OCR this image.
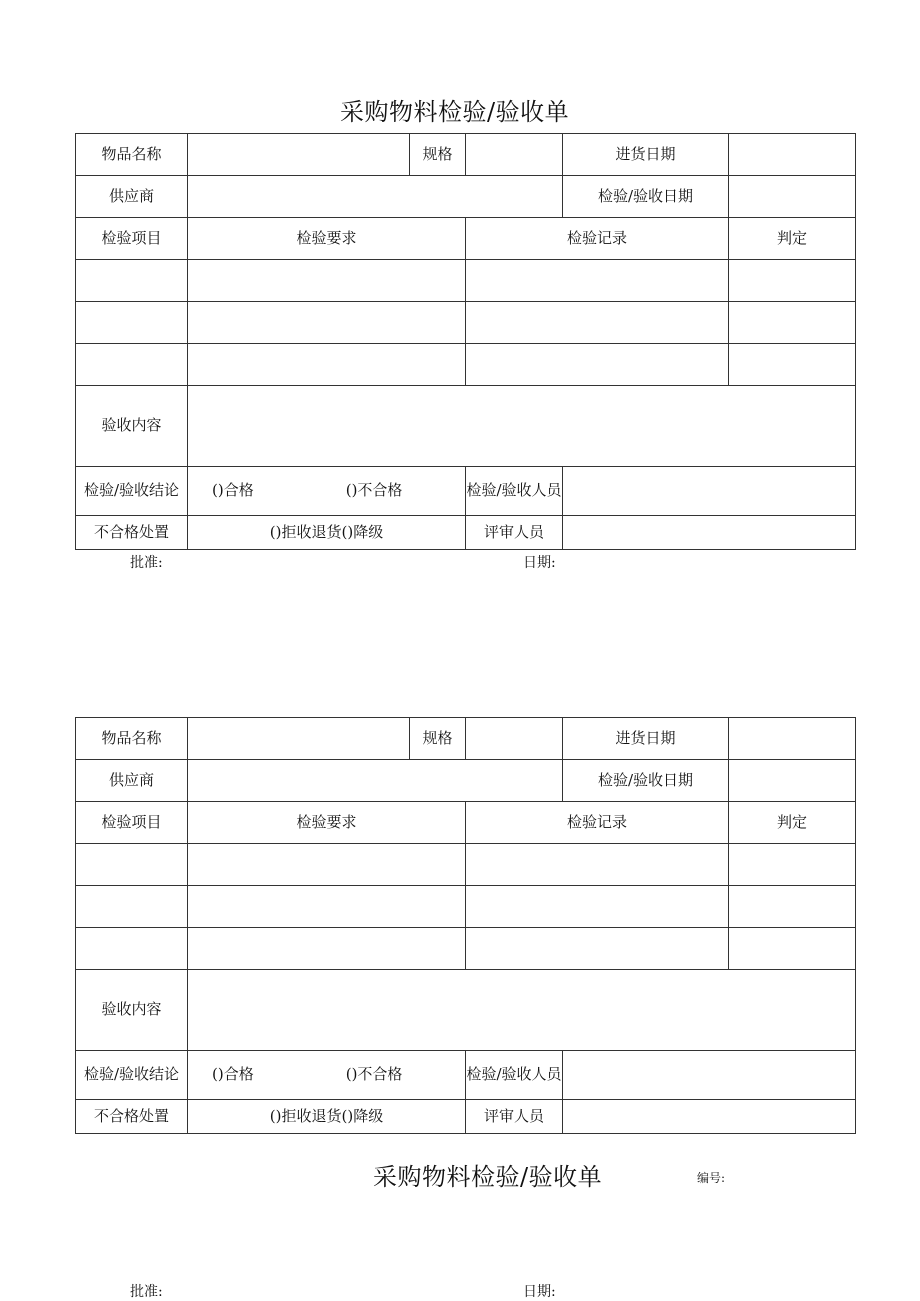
采购物料检验/验收单
物品名称		规格		进货日期	
供应商				检验/验收日期	
检验项目	检验要求		检验记录		判定

验收内容					
检验/验收结论	()合格 ()不合格		检验/验收人员		
不合格处置	()拒收退货()降级		评审人员		
批准:	日期:
物品名称		规格		进货日期	
供应商				检验/验收日期	
检验项目	检验要求		检验记录		判定

验收内容					
检验/验收结论	()合格 ()不合格		检验/验收人员		
不合格处置	()拒收退货()降级		评审人员		
采购物料检验/验收单	编号:
批准:	日期:
